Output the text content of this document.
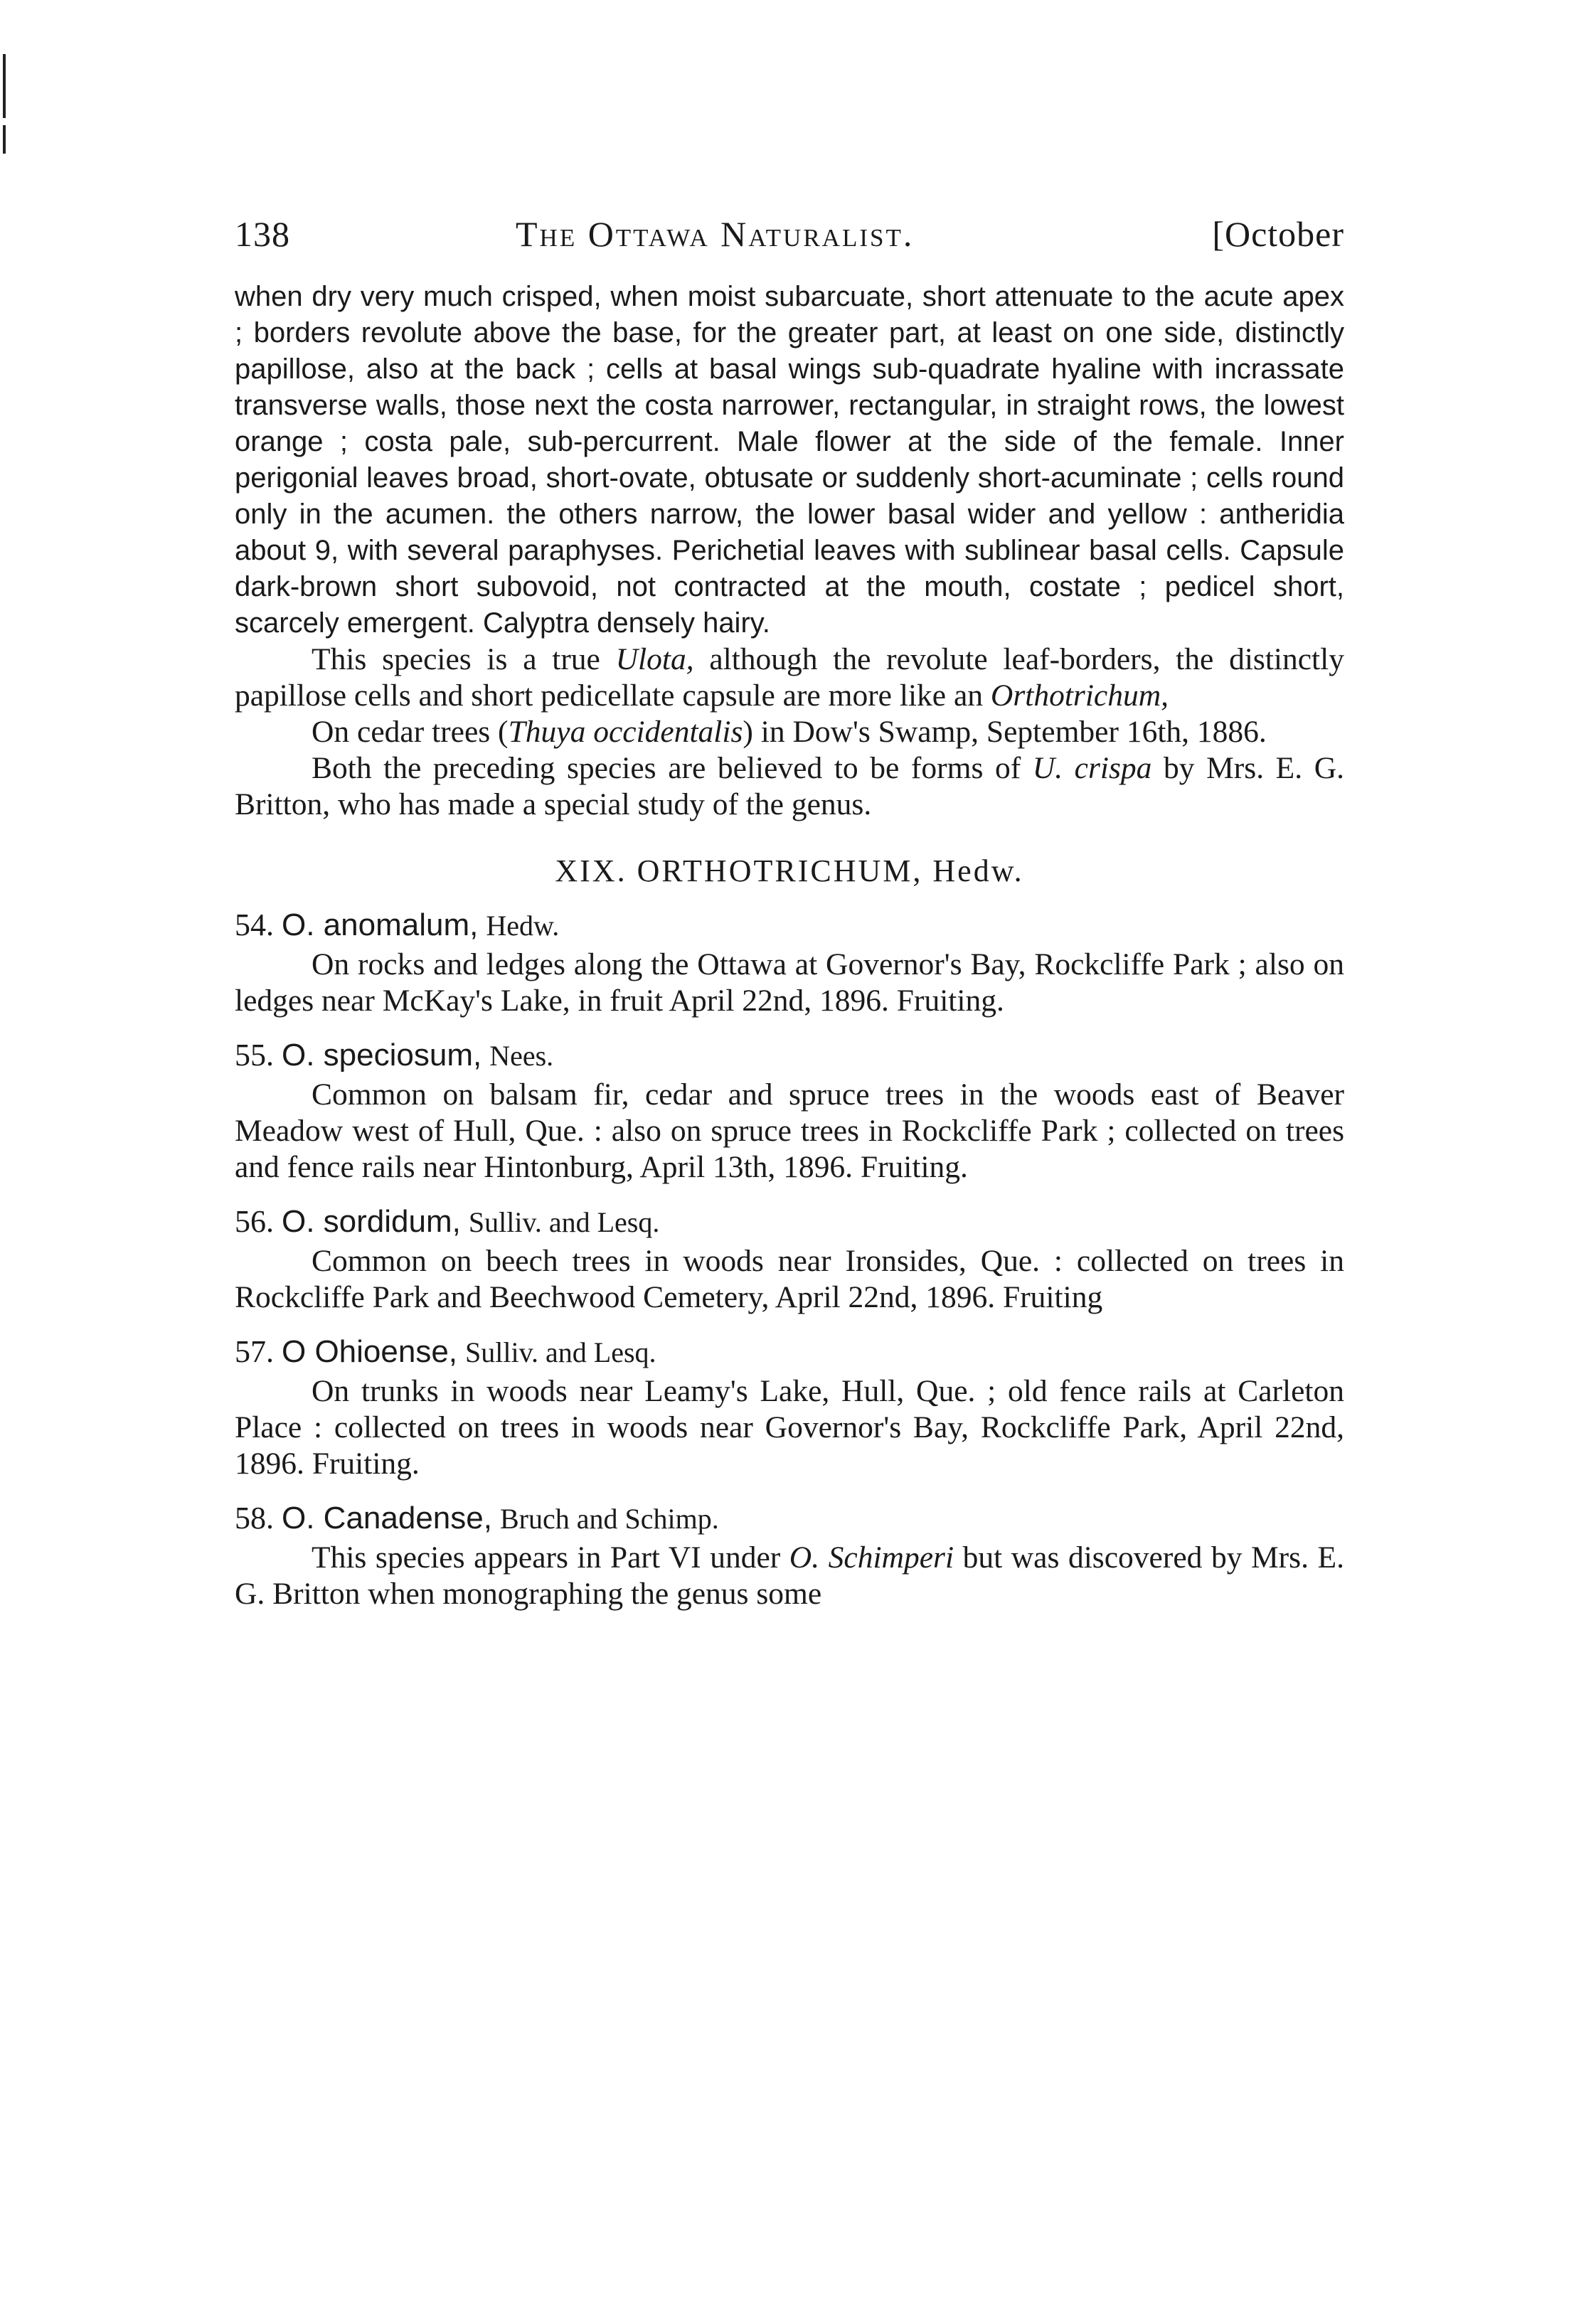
138	The Ottawa Naturalist.	[October

when dry very much crisped, when moist subarcuate, short attenuate to the acute apex ; borders revolute above the base, for the greater part, at least on one side, distinctly papillose, also at the back ; cells at basal wings sub-quadrate hyaline with incrassate transverse walls, those next the costa narrower, rectangular, in straight rows, the lowest orange ; costa pale, sub-percurrent. Male flower at the side of the female. Inner perigonial leaves broad, short-ovate, obtusate or suddenly short-acuminate ; cells round only in the acumen. the others narrow, the lower basal wider and yellow : antheridia about 9, with several paraphyses. Perichetial leaves with sublinear basal cells. Capsule dark-brown short subovoid, not contracted at the mouth, costate ; pedicel short, scarcely emergent. Calyptra densely hairy.

This species is a true Ulota, although the revolute leaf-borders, the distinctly papillose cells and short pedicellate capsule are more like an Orthotrichum,

On cedar trees (Thuya occidentalis) in Dow's Swamp, September 16th, 1886.

Both the preceding species are believed to be forms of U. crispa by Mrs. E. G. Britton, who has made a special study of the genus.

XIX. ORTHOTRICHUM, Hedw.
54. O. anomalum, Hedw.

On rocks and ledges along the Ottawa at Governor's Bay, Rockcliffe Park ; also on ledges near McKay's Lake, in fruit April 22nd, 1896. Fruiting.

55. O. speciosum, Nees.

Common on balsam fir, cedar and spruce trees in the woods east of Beaver Meadow west of Hull, Que. : also on spruce trees in Rockcliffe Park ; collected on trees and fence rails near Hintonburg, April 13th, 1896. Fruiting.

56. O. sordidum, Sulliv. and Lesq.

Common on beech trees in woods near Ironsides, Que. : collected on trees in Rockcliffe Park and Beechwood Cemetery, April 22nd, 1896. Fruiting

57. O Ohioense, Sulliv. and Lesq.

On trunks in woods near Leamy's Lake, Hull, Que. ; old fence rails at Carleton Place : collected on trees in woods near Governor's Bay, Rockcliffe Park, April 22nd, 1896. Fruiting.

58. O. Canadense, Bruch and Schimp.

This species appears in Part VI under O. Schimperi but was discovered by Mrs. E. G. Britton when monographing the genus some
